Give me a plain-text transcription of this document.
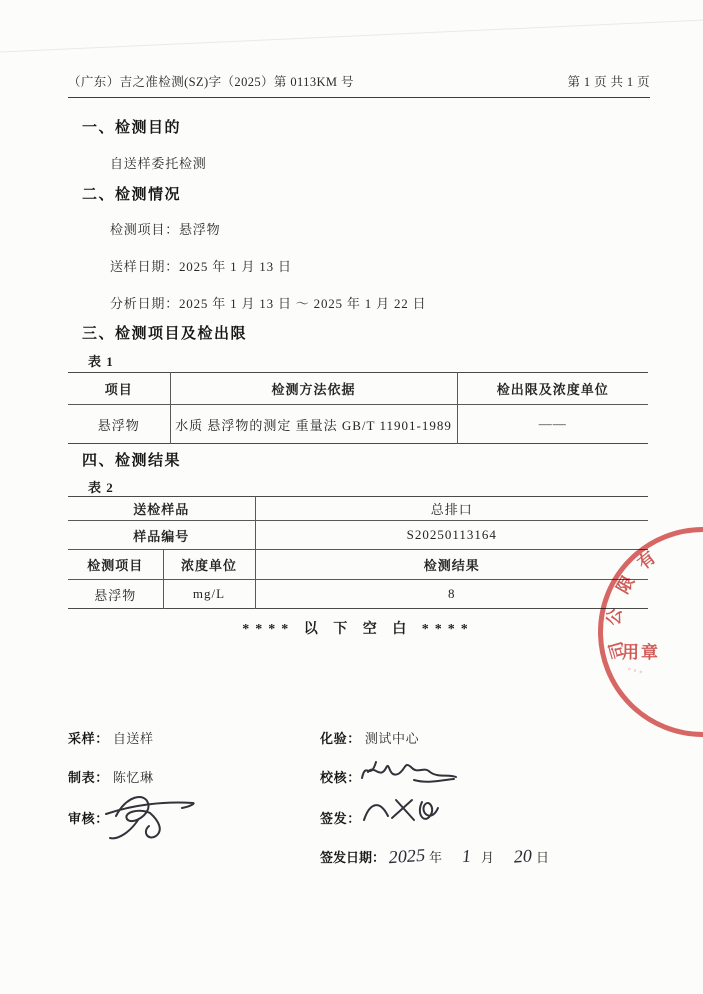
（广东）吉之准检测(SZ)字（2025）第 0113KM 号	第 1 页 共 1 页
一、检测目的
自送样委托检测
二、检测情况
检测项目：悬浮物
送样日期：2025 年 1 月 13 日
分析日期：2025 年 1 月 13 日 ～ 2025 年 1 月 22 日
三、检测项目及检出限
表 1
项目	检测方法依据	检出限及浓度单位
悬浮物	水质 悬浮物的测定 重量法 GB/T 11901-1989	——
四、检测结果
表 2
送检样品		总排口
样品编号		S20250113164
检测项目	浓度单位	检测结果
悬浮物	mg/L	8
**** 以 下 空 白 ****
采样： 自送样
制表： 陈忆琳
审核：
化验： 测试中心
校核：
签发：
签发日期： 2025 年 1 月 20 日
有
限
公
司
用章
。。。
